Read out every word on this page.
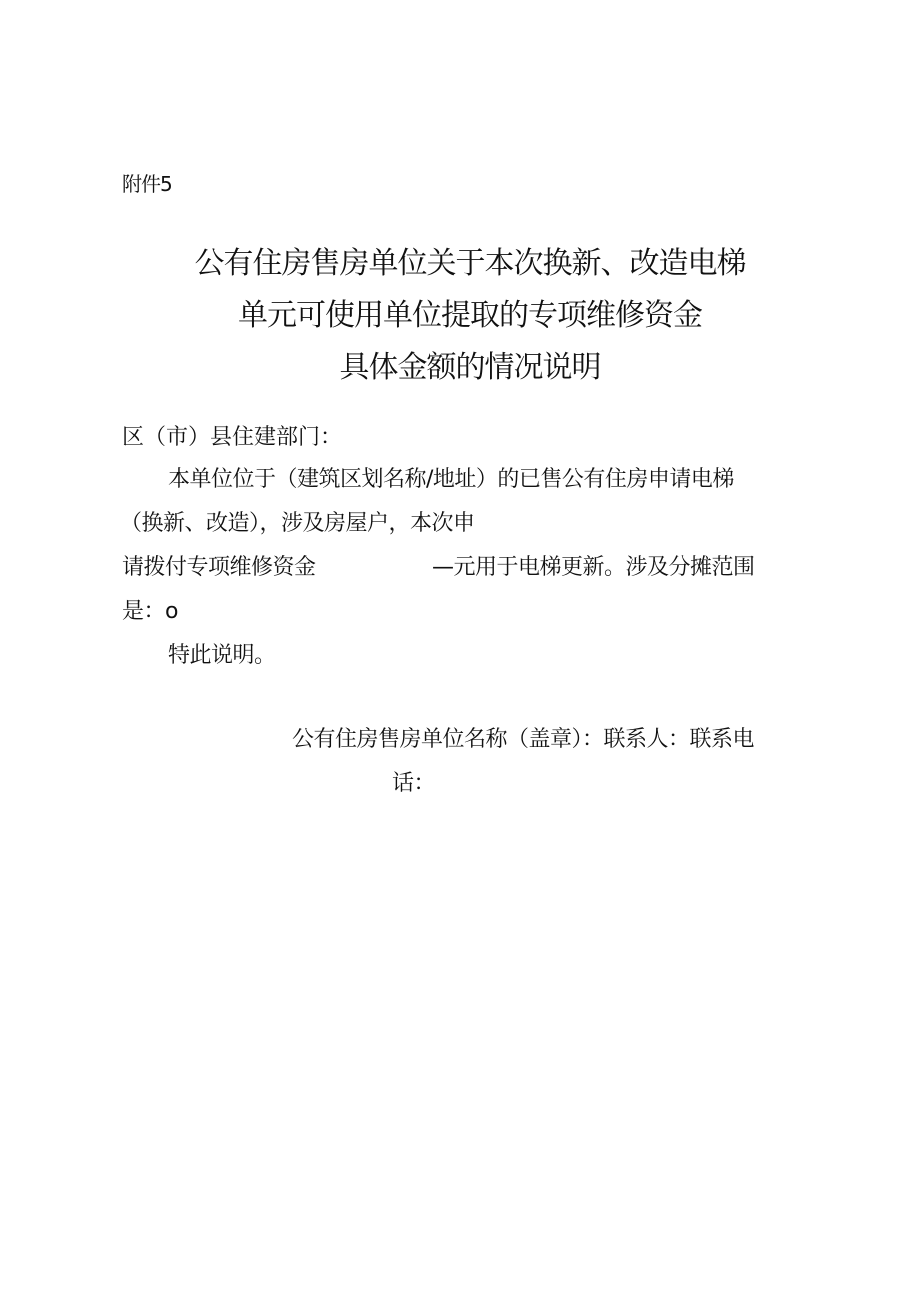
附件5
公有住房售房单位关于本次换新、改造电梯
单元可使用单位提取的专项维修资金
具体金额的情况说明
区（市）县住建部门：
本单位位于（建筑区划名称/地址）的已售公有住房申请电梯
（换新、改造），涉及房屋户，本次申
请拨付专项维修资金	—元用于电梯更新。涉及分摊范围
是：o
特此说明。
公有住房售房单位名称（盖章）：联系人：联系电
话：
